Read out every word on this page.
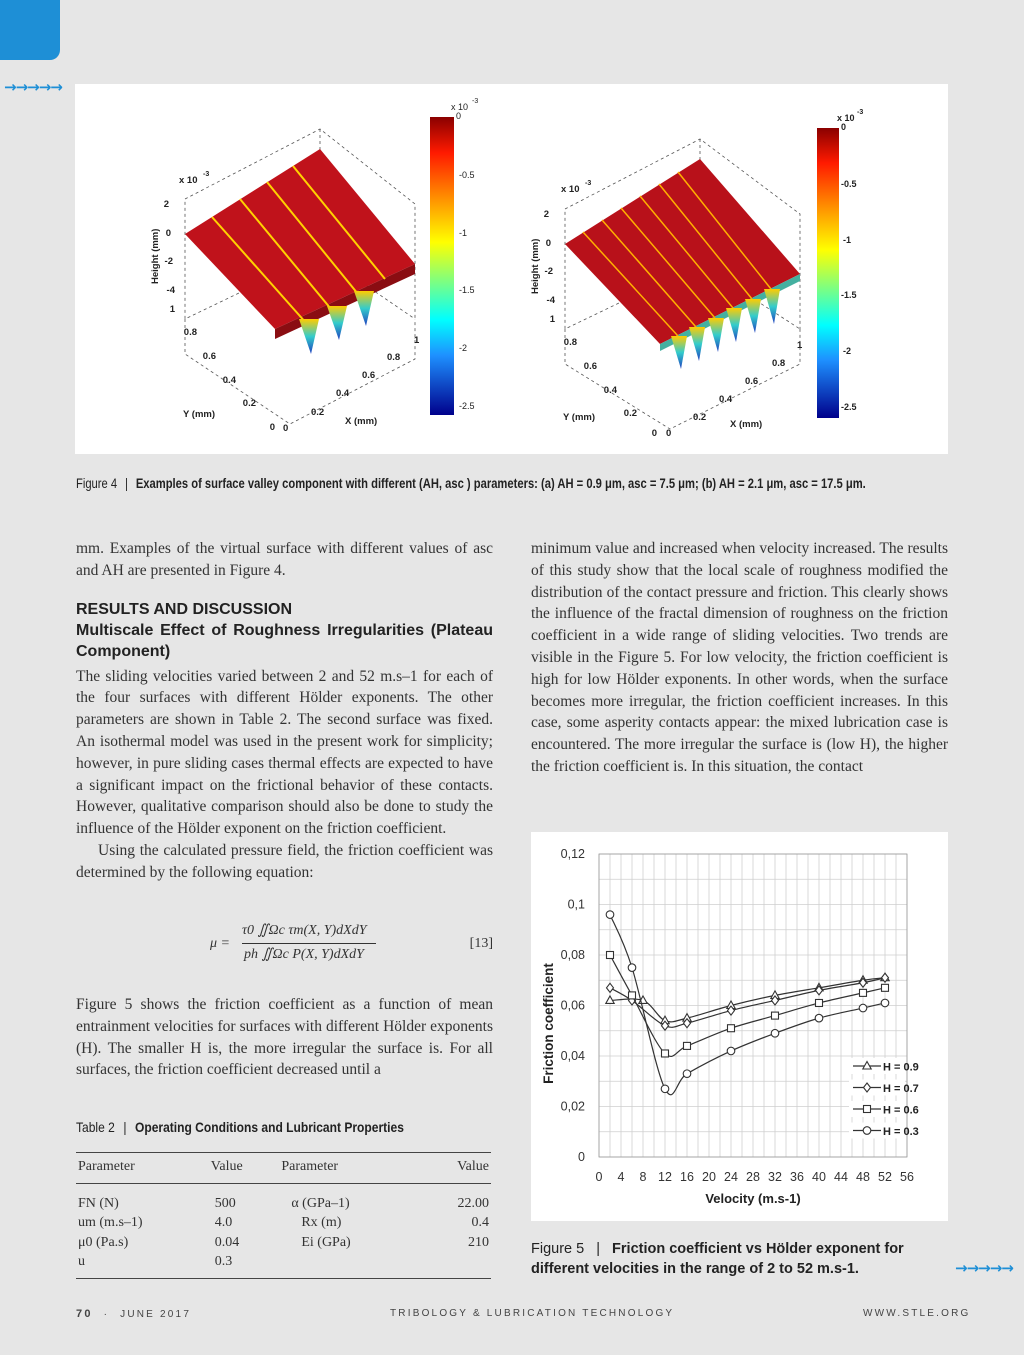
→→→→→
→→→→→
x 10
-3
Height (mm)
2
0
-2
-4
1
0.8
0.6
0.4
0.2
0
Y (mm)
0
0.2
0.4
0.6
0.8
1
X (mm)
x 10
-3
0
-0.5
-1
-1.5
-2
-2.5
x 10
-3
Height (mm)
2
0
-2
-4
1
0.8
0.6
0.4
0.2
0
Y (mm)
0
0.2
0.4
0.6
0.8
1
X (mm)
x 10
-3
0
-0.5
-1
-1.5
-2
-2.5
Figure 4 | Examples of surface valley component with different (AH, asc ) parameters: (a) AH = 0.9 μm, asc = 7.5 μm; (b) AH = 2.1 μm, asc = 17.5 μm.

mm. Examples of the virtual surface with different values of asc and AH are presented in Figure 4.

RESULTS AND DISCUSSION
Multiscale Effect of Roughness Irregularities (Plateau Component)

The sliding velocities varied between 2 and 52 m.s–1 for each of the four surfaces with different Hölder exponents. The other parameters are shown in Table 2. The second surface was fixed. An isothermal model was used in the present work for simplicity; however, in pure sliding cases thermal effects are expected to have a significant impact on the frictional behavior of these contacts. However, qualitative comparison should also be done to study the influence of the Hölder exponent on the friction coefficient.

Using the calculated pressure field, the friction coefficient was determined by the following equation:

μ =
τ0 ∬Ωc τm(X, Y)dXdY
ph ∬Ωc P(X, Y)dXdY
[13]

Figure 5 shows the friction coefficient as a function of mean entrainment velocities for surfaces with different Hölder exponents (H). The smaller H is, the more irregular the surface is. For all surfaces, the friction coefficient decreased until a

minimum value and increased when velocity increased. The results of this study show that the local scale of roughness modified the distribution of the contact pressure and friction. This clearly shows the influence of the fractal dimension of roughness on the friction coefficient in a wide range of sliding velocities. Two trends are visible in the Figure 5. For low velocity, the friction coefficient is high for low Hölder exponents. In other words, when the surface becomes more irregular, the friction coefficient increases. In this case, some asperity contacts appear: the mixed lubrication case is encountered. The more irregular the surface is (low H), the higher the friction coefficient is. In this situation, the contact

0 4 8 12 16 20 24 28 32 36 40 44 48 52 56
0
0,02
0,04
0,06
0,08
0,1
0,12
Velocity (m.s-1)
Friction coefficient	H = 0.9
H = 0.7
H = 0.6
H = 0.3
Figure 5 | Friction coefficient vs Hölder exponent for different velocities in the range of 2 to 52 m.s-1.
Table 2 | Operating Conditions and Lubricant Properties
Parameter	Value	Parameter	Value
FN (N)	500	α (GPa–1)	22.00
um (m.s–1)	4.0	Rx (m)	0.4
μ0 (Pa.s)	0.04	Ei (GPa)	210
u	0.3		
70 · JUNE 2017	TRIBOLOGY & LUBRICATION TECHNOLOGY	WWW.STLE.ORG
